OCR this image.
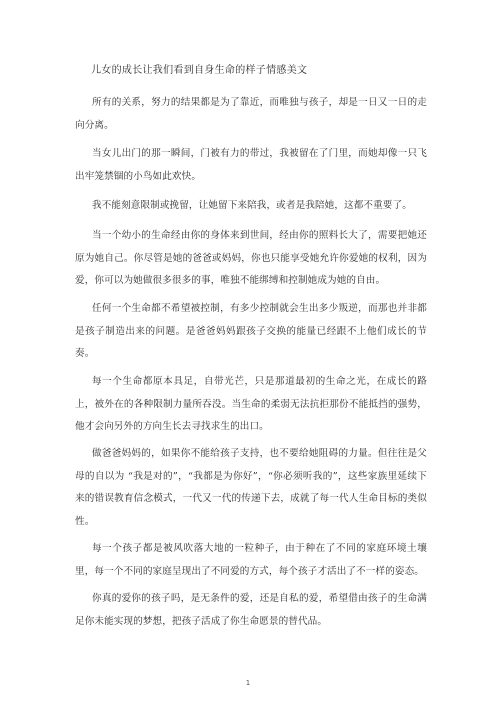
儿女的成长让我们看到自身生命的样子情感美文

所有的关系，努力的结果都是为了靠近，而唯独与孩子，却是一日又一日的走向分离。

当女儿出门的那一瞬间，门被有力的带过，我被留在了门里，而她却像一只飞出牢笼禁锢的小鸟如此欢快。

我不能刻意限制或挽留，让她留下来陪我，或者是我陪她，这都不重要了。

当一个幼小的生命经由你的身体来到世间，经由你的照料长大了，需要把她还原为她自己。你尽管是她的爸爸或妈妈，你也只能享受她允许你爱她的权利，因为爱，你可以为她做很多很多的事，唯独不能绑缚和控制她成为她的自由。

任何一个生命都不希望被控制，有多少控制就会生出多少叛逆，而那也并非都是孩子制造出来的问题。是爸爸妈妈跟孩子交换的能量已经跟不上他们成长的节奏。

每一个生命都原本具足，自带光芒，只是那道最初的生命之光，在成长的路上，被外在的各种限制力量所吞没。当生命的柔弱无法抗拒那份不能抵挡的强势，他才会向另外的方向生长去寻找求生的出口。

做爸爸妈妈的，如果你不能给孩子支持，也不要给她阻碍的力量。但往往是父母的自以为 “我是对的”，“我都是为你好”，“你必须听我的”，这些家族里延续下来的错误教育信念模式，一代又一代的传递下去，成就了每一代人生命目标的类似性。

每一个孩子都是被风吹落大地的一粒种子，由于种在了不同的家庭环境土壤里，每一个不同的家庭呈现出了不同爱的方式，每个孩子才活出了不一样的姿态。

你真的爱你的孩子吗，是无条件的爱，还是自私的爱，希望借由孩子的生命满足你未能实现的梦想，把孩子活成了你生命愿景的替代品。

1
